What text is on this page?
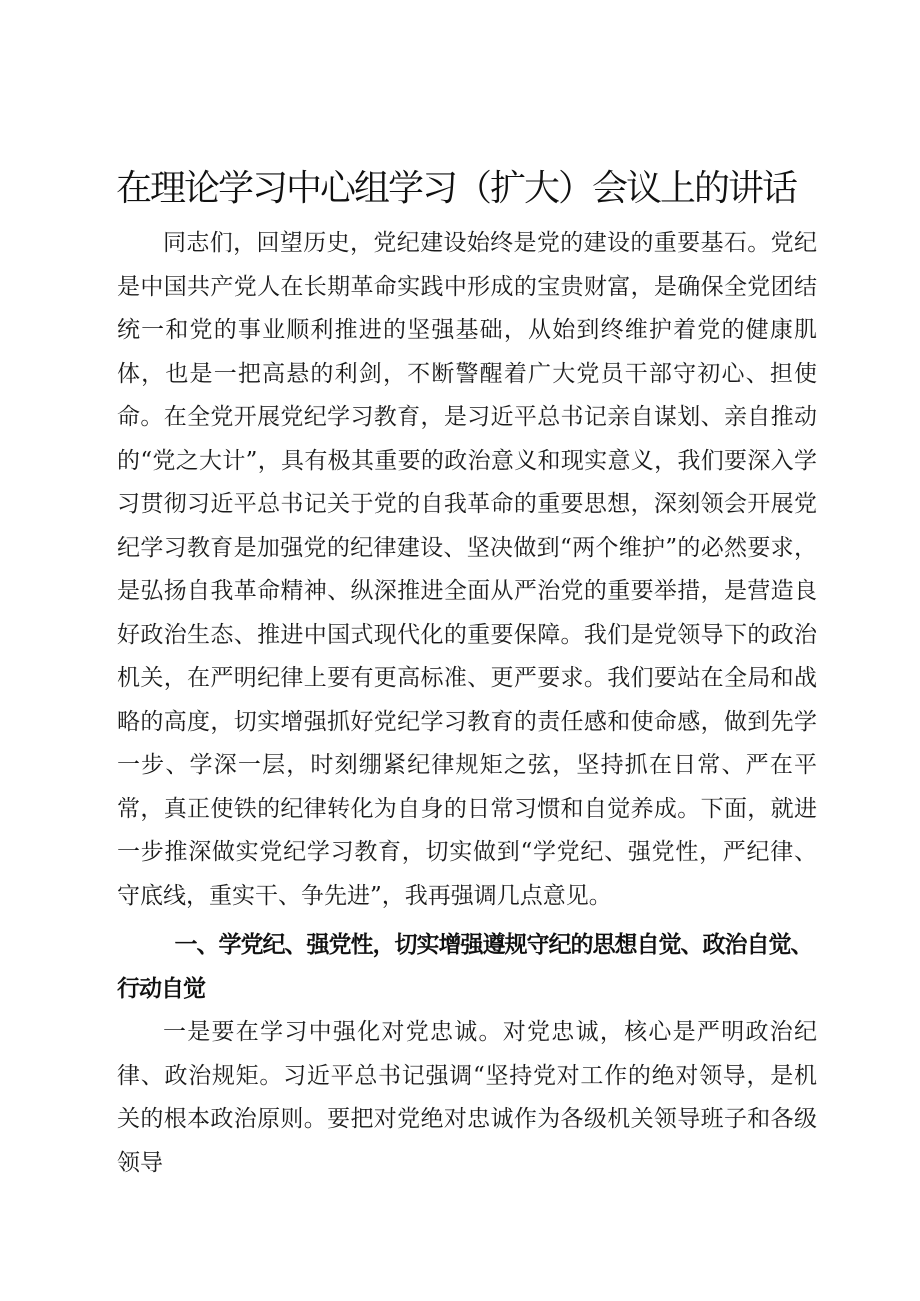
在理论学习中心组学习（扩大）会议上的讲话

同志们，回望历史，党纪建设始终是党的建设的重要基石。党纪是中国共产党人在长期革命实践中形成的宝贵财富，是确保全党团结统一和党的事业顺利推进的坚强基础，从始到终维护着党的健康肌体，也是一把高悬的利剑，不断警醒着广大党员干部守初心、担使命。在全党开展党纪学习教育，是习近平总书记亲自谋划、亲自推动的“党之大计”，具有极其重要的政治意义和现实意义，我们要深入学习贯彻习近平总书记关于党的自我革命的重要思想，深刻领会开展党纪学习教育是加强党的纪律建设、坚决做到“两个维护”的必然要求，是弘扬自我革命精神、纵深推进全面从严治党的重要举措，是营造良好政治生态、推进中国式现代化的重要保障。我们是党领导下的政治机关，在严明纪律上要有更高标准、更严要求。我们要站在全局和战略的高度，切实增强抓好党纪学习教育的责任感和使命感，做到先学一步、学深一层，时刻绷紧纪律规矩之弦，坚持抓在日常、严在平常，真正使铁的纪律转化为自身的日常习惯和自觉养成。下面，就进一步推深做实党纪学习教育，切实做到“学党纪、强党性，严纪律、守底线，重实干、争先进”，我再强调几点意见。

一、学党纪、强党性，切实增强遵规守纪的思想自觉、政治自觉、行动自觉

一是要在学习中强化对党忠诚。对党忠诚，核心是严明政治纪律、政治规矩。习近平总书记强调“坚持党对工作的绝对领导，是机关的根本政治原则。要把对党绝对忠诚作为各级机关领导班子和各级领导
